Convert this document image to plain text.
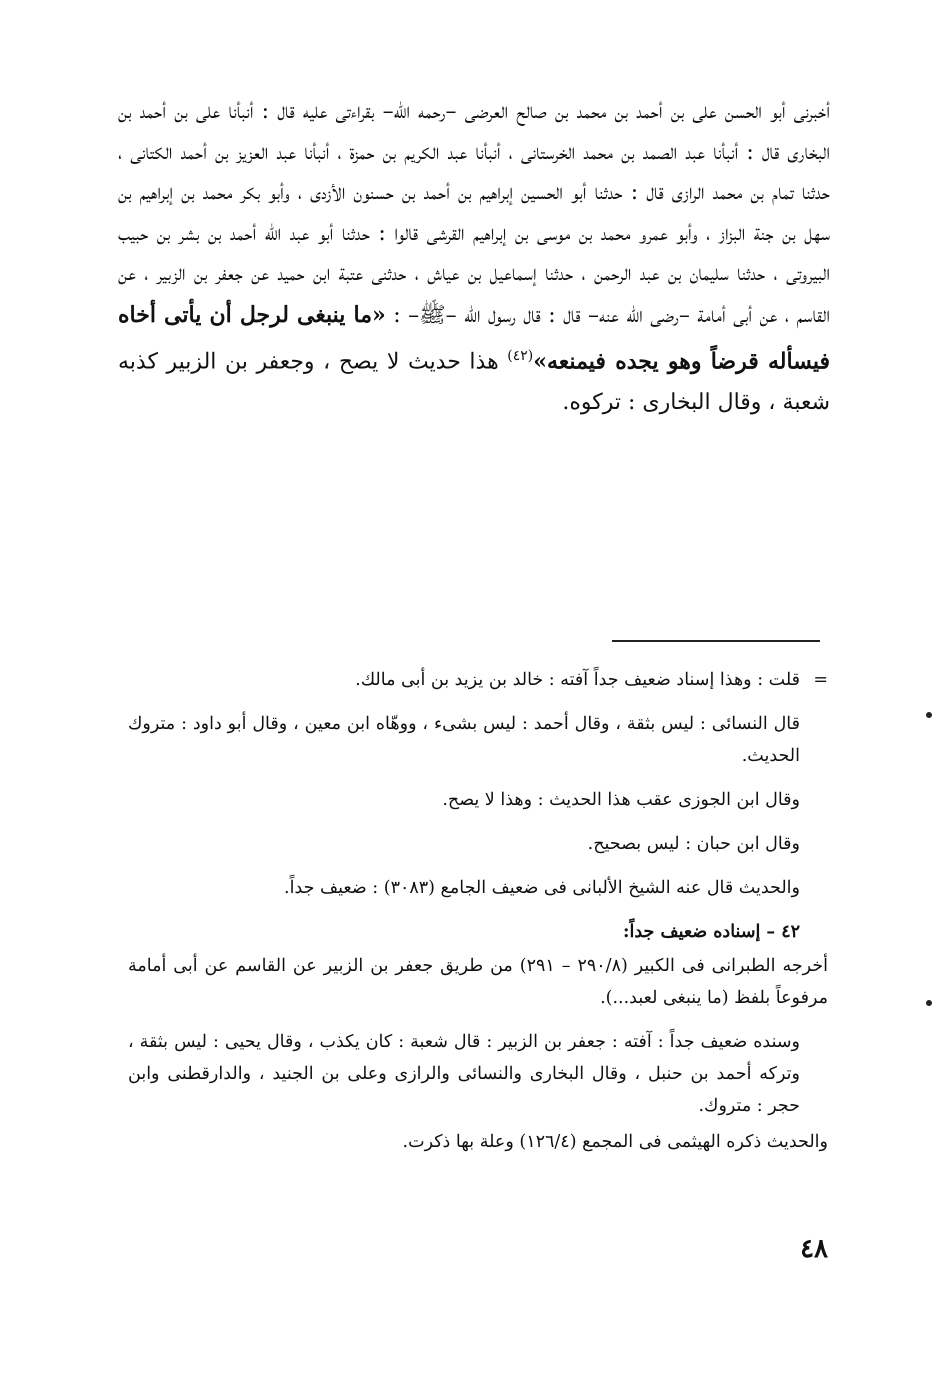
أخبرنى أبو الحسن على بن أحمد بن محمد بن صالح العرضى –رحمه الله– بقراءتى عليه قال : أنبأنا على بن أحمد بن البخارى قال : أنبأنا عبد الصمد بن محمد الخرستانى ، أنبأنا عبد الكريم بن حمزة ، أنبأنا عبد العزيز بن أحمد الكتانى ، حدثنا تمام بن محمد الرازى قال : حدثنا أبو الحسين إبراهيم بن أحمد بن حسنون الأزدى ، وأبو بكر محمد بن إبراهيم بن سهل بن جنة البزاز ، وأبو عمرو محمد بن موسى بن إبراهيم القرشى قالوا : حدثنا أبو عبد الله أحمد بن بشر بن حبيب البيروتى ، حدثنا سليمان بن عبد الرحمن ، حدثنا إسماعيل بن عياش ، حدثنى عتبة ابن حميد عن جعفر بن الزبير ، عن القاسم ، عن أبى أمامة –رضى الله عنه– قال : قال رسول الله –ﷺ– : «ما ينبغى لرجل أن يأتى أخاه فيسأله قرضاً وهو يجده فيمنعه»$^{(٤٢)}$ هذا حديث لا يصح ، وجعفر بن الزبير كذبه شعبة ، وقال البخارى : تركوه.

=قلت : وهذا إسناد ضعيف جداً آفته : خالد بن يزيد بن أبى مالك.

قال النسائى : ليس بثقة ، وقال أحمد : ليس بشىء ، ووهّاه ابن معين ، وقال أبو داود : متروك الحديث.

وقال ابن الجوزى عقب هذا الحديث : وهذا لا يصح.

وقال ابن حبان : ليس بصحيح.

والحديث قال عنه الشيخ الألبانى فى ضعيف الجامع (٣٠٨٣) : ضعيف جداً.

٤٢ –إسناده ضعيف جداً:

أخرجه الطبرانى فى الكبير (٢٩٠/٨ – ٢٩١) من طريق جعفر بن الزبير عن القاسم عن أبى أمامة مرفوعاً بلفظ (ما ينبغى لعبد...).

وسنده ضعيف جداً : آفته : جعفر بن الزبير : قال شعبة : كان يكذب ، وقال يحيى : ليس بثقة ، وتركه أحمد بن حنبل ، وقال البخارى والنسائى والرازى وعلى بن الجنيد ، والدارقطنى وابن حجر : متروك.

والحديث ذكره الهيثمى فى المجمع (١٢٦/٤) وعلة بها ذكرت.

٤٨
